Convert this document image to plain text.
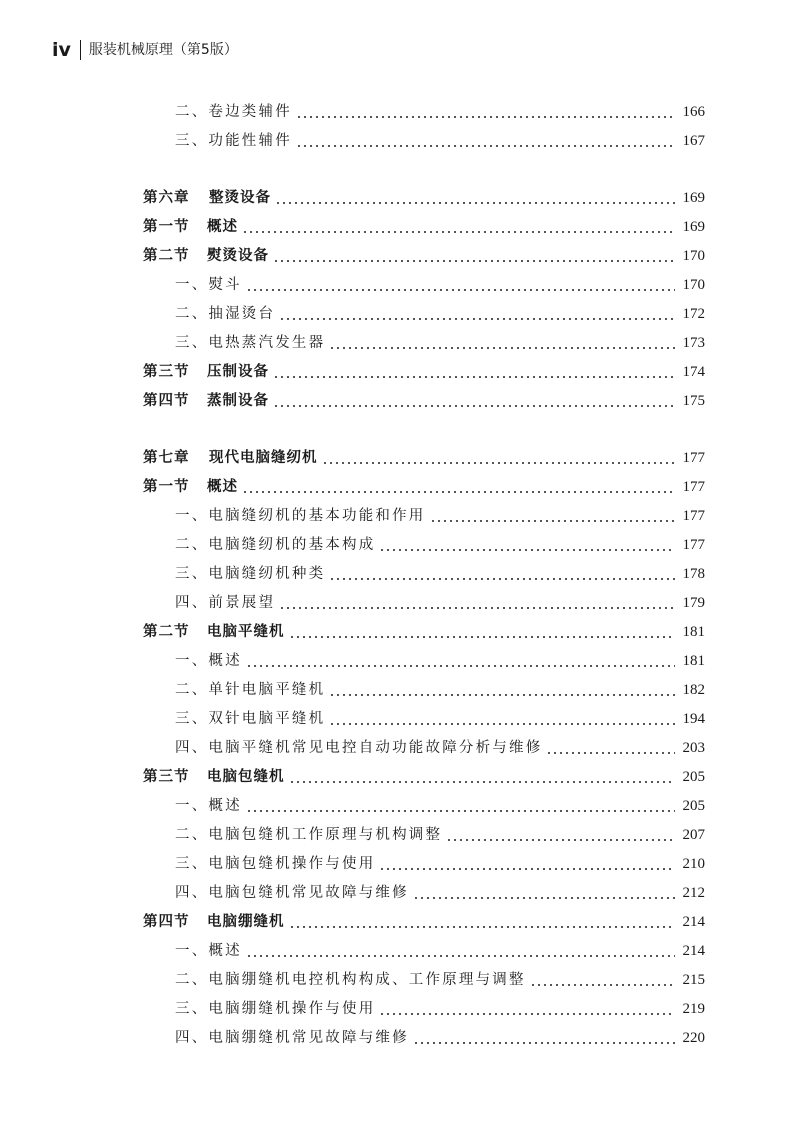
iv 服装机械原理（第5版）
二、卷边类辅件	166
三、功能性辅件	167
第六章 整烫设备	169
第一节 概述	169
第二节 熨烫设备	170
一、熨斗	170
二、抽湿烫台	172
三、电热蒸汽发生器	173
第三节 压制设备	174
第四节 蒸制设备	175
第七章 现代电脑缝纫机	177
第一节 概述	177
一、电脑缝纫机的基本功能和作用	177
二、电脑缝纫机的基本构成	177
三、电脑缝纫机种类	178
四、前景展望	179
第二节 电脑平缝机	181
一、概述	181
二、单针电脑平缝机	182
三、双针电脑平缝机	194
四、电脑平缝机常见电控自动功能故障分析与维修	203
第三节 电脑包缝机	205
一、概述	205
二、电脑包缝机工作原理与机构调整	207
三、电脑包缝机操作与使用	210
四、电脑包缝机常见故障与维修	212
第四节 电脑绷缝机	214
一、概述	214
二、电脑绷缝机电控机构构成、工作原理与调整	215
三、电脑绷缝机操作与使用	219
四、电脑绷缝机常见故障与维修	220
